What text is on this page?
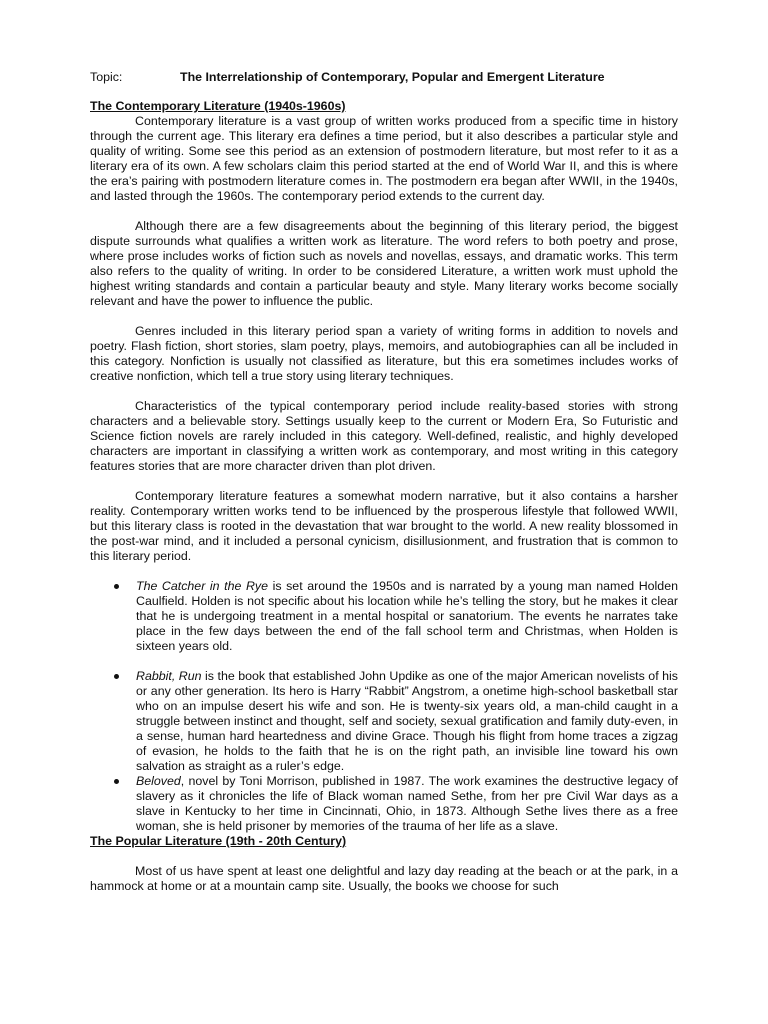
Topic:	The Interrelationship of Contemporary, Popular and Emergent Literature
The Contemporary Literature (1940s-1960s)

Contemporary literature is a vast group of written works produced from a specific time in history through the current age. This literary era defines a time period, but it also describes a particular style and quality of writing. Some see this period as an extension of postmodern literature, but most refer to it as a literary era of its own. A few scholars claim this period started at the end of World War II, and this is where the era’s pairing with postmodern literature comes in. The postmodern era began after WWII, in the 1940s, and lasted through the 1960s. The contemporary period extends to the current day.

Although there are a few disagreements about the beginning of this literary period, the biggest dispute surrounds what qualifies a written work as literature. The word refers to both poetry and prose, where prose includes works of fiction such as novels and novellas, essays, and dramatic works. This term also refers to the quality of writing. In order to be considered Literature, a written work must uphold the highest writing standards and contain a particular beauty and style. Many literary works become socially relevant and have the power to influence the public.

Genres included in this literary period span a variety of writing forms in addition to novels and poetry. Flash fiction, short stories, slam poetry, plays, memoirs, and autobiographies can all be included in this category. Nonfiction is usually not classified as literature, but this era sometimes includes works of creative nonfiction, which tell a true story using literary techniques.

Characteristics of the typical contemporary period include reality-based stories with strong characters and a believable story. Settings usually keep to the current or Modern Era, So Futuristic and Science fiction novels are rarely included in this category. Well-defined, realistic, and highly developed characters are important in classifying a written work as contemporary, and most writing in this category features stories that are more character driven than plot driven.

Contemporary literature features a somewhat modern narrative, but it also contains a harsher reality. Contemporary written works tend to be influenced by the prosperous lifestyle that followed WWII, but this literary class is rooted in the devastation that war brought to the world. A new reality blossomed in the post-war mind, and it included a personal cynicism, disillusionment, and frustration that is common to this literary period.

The Catcher in the Rye is set around the 1950s and is narrated by a young man named Holden Caulfield. Holden is not specific about his location while he’s telling the story, but he makes it clear that he is undergoing treatment in a mental hospital or sanatorium. The events he narrates take place in the few days between the end of the fall school term and Christmas, when Holden is sixteen years old.
Rabbit, Run is the book that established John Updike as one of the major American novelists of his or any other generation. Its hero is Harry “Rabbit” Angstrom, a onetime high-school basketball star who on an impulse desert his wife and son. He is twenty-six years old, a man-child caught in a struggle between instinct and thought, self and society, sexual gratification and family duty-even, in a sense, human hard heartedness and divine Grace. Though his flight from home traces a zigzag of evasion, he holds to the faith that he is on the right path, an invisible line toward his own salvation as straight as a ruler’s edge.
Beloved, novel by Toni Morrison, published in 1987. The work examines the destructive legacy of slavery as it chronicles the life of Black woman named Sethe, from her pre Civil War days as a slave in Kentucky to her time in Cincinnati, Ohio, in 1873. Although Sethe lives there as a free woman, she is held prisoner by memories of the trauma of her life as a slave.
The Popular Literature (19th - 20th Century)

Most of us have spent at least one delightful and lazy day reading at the beach or at the park, in a hammock at home or at a mountain camp site. Usually, the books we choose for such
